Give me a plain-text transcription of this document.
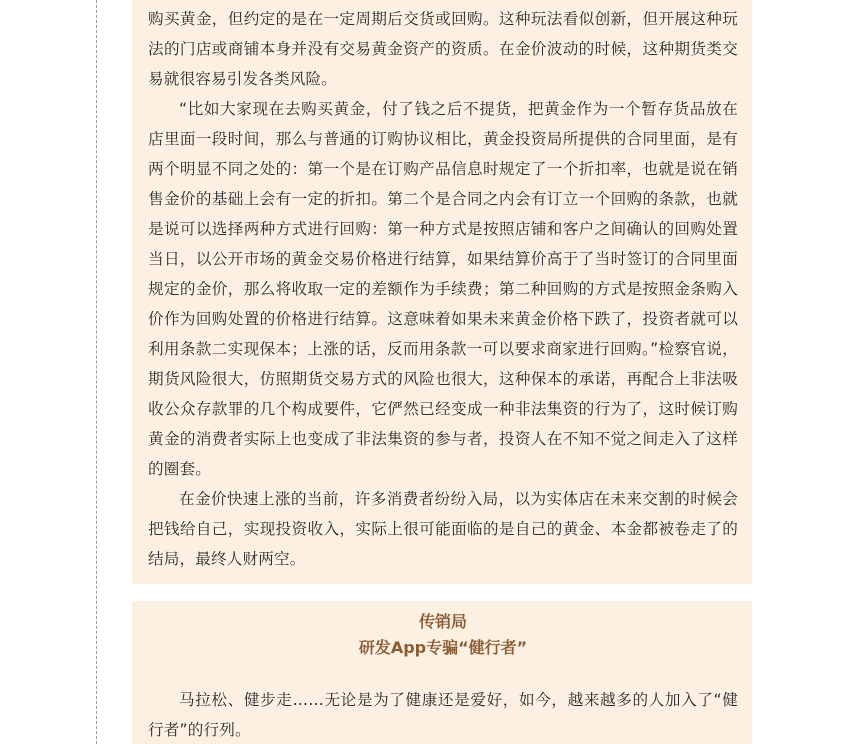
购买黄金，但约定的是在一定周期后交货或回购。这种玩法看似创新，但开展这种玩法的门店或商铺本身并没有交易黄金资产的资质。在金价波动的时候，这种期货类交易就很容易引发各类风险。

“比如大家现在去购买黄金，付了钱之后不提货，把黄金作为一个暂存货品放在店里面一段时间，那么与普通的订购协议相比，黄金投资局所提供的合同里面，是有两个明显不同之处的：第一个是在订购产品信息时规定了一个折扣率，也就是说在销售金价的基础上会有一定的折扣。第二个是合同之内会有订立一个回购的条款，也就是说可以选择两种方式进行回购：第一种方式是按照店铺和客户之间确认的回购处置当日，以公开市场的黄金交易价格进行结算，如果结算价高于了当时签订的合同里面规定的金价，那么将收取一定的差额作为手续费；第二种回购的方式是按照金条购入价作为回购处置的价格进行结算。这意味着如果未来黄金价格下跌了，投资者就可以利用条款二实现保本；上涨的话，反而用条款一可以要求商家进行回购。”检察官说，期货风险很大，仿照期货交易方式的风险也很大，这种保本的承诺，再配合上非法吸收公众存款罪的几个构成要件，它俨然已经变成一种非法集资的行为了，这时候订购黄金的消费者实际上也变成了非法集资的参与者，投资人在不知不觉之间走入了这样的圈套。

在金价快速上涨的当前，许多消费者纷纷入局，以为实体店在未来交割的时候会把钱给自己，实现投资收入，实际上很可能面临的是自己的黄金、本金都被卷走了的结局，最终人财两空。

传销局

研发App专骗“健行者”

马拉松、健步走……无论是为了健康还是爱好，如今，越来越多的人加入了“健行者”的行列。
